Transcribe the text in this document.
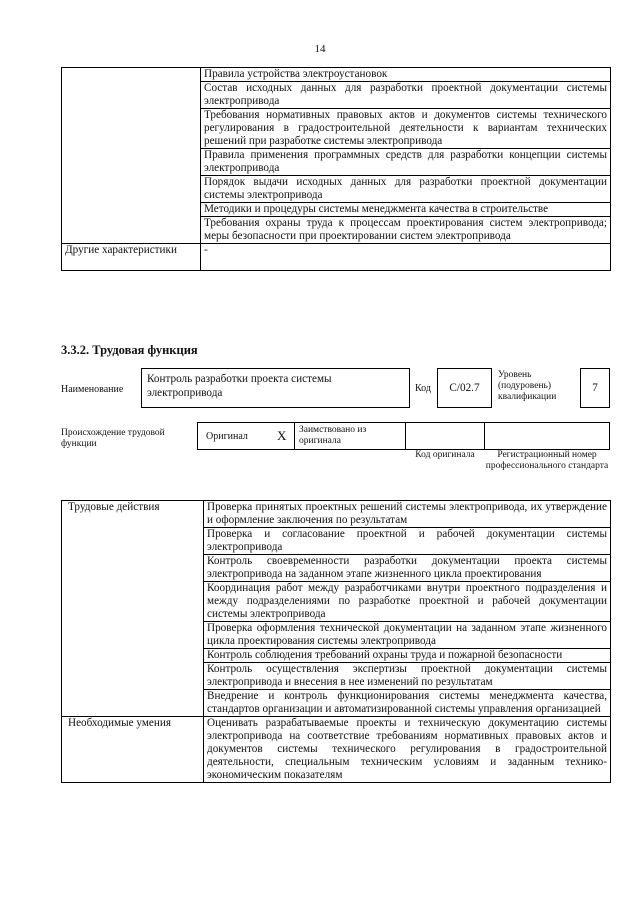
14
	Правила устройства электроустановок
	Состав исходных данных для разработки проектной документации системы электропривода
	Требования нормативных правовых актов и документов системы технического регулирования в градостроительной деятельности к вариантам технических решений при разработке системы электропривода
	Правила применения программных средств для разработки концепции системы электропривода
	Порядок выдачи исходных данных для разработки проектной документации системы электропривода
	Методики и процедуры системы менеджмента качества в строительстве
	Требования охраны труда к процессам проектирования систем электропривода; меры безопасности при проектировании систем электропривода
Другие характеристики	-
3.3.2. Трудовая функция
Наименование
Контроль разработки проекта системы электропривода	Код	C/02.7
Уровень (подуровень) квалификации
7
Происхождение трудовой функции
Оригинал X	Заимствовано из оригинала
Код оригинала	Регистрационный номер профессионального стандарта
Трудовые действия	Проверка принятых проектных решений системы электропривода, их утверждение и оформление заключения по результатам
	Проверка и согласование проектной и рабочей документации системы электропривода
	Контроль своевременности разработки документации проекта системы электропривода на заданном этапе жизненного цикла проектирования
	Координация работ между разработчиками внутри проектного подразделения и между подразделениями по разработке проектной и рабочей документации системы электропривода
	Проверка оформления технической документации на заданном этапе жизненного цикла проектирования системы электропривода
	Контроль соблюдения требований охраны труда и пожарной безопасности
	Контроль осуществления экспертизы проектной документации системы электропривода и внесения в нее изменений по результатам
	Внедрение и контроль функционирования системы менеджмента качества, стандартов организации и автоматизированной системы управления организацией
Необходимые умения	Оценивать разрабатываемые проекты и техническую документацию системы электропривода на соответствие требованиям нормативных правовых актов и документов системы технического регулирования в градостроительной деятельности, специальным техническим условиям и заданным технико-экономическим показателям
